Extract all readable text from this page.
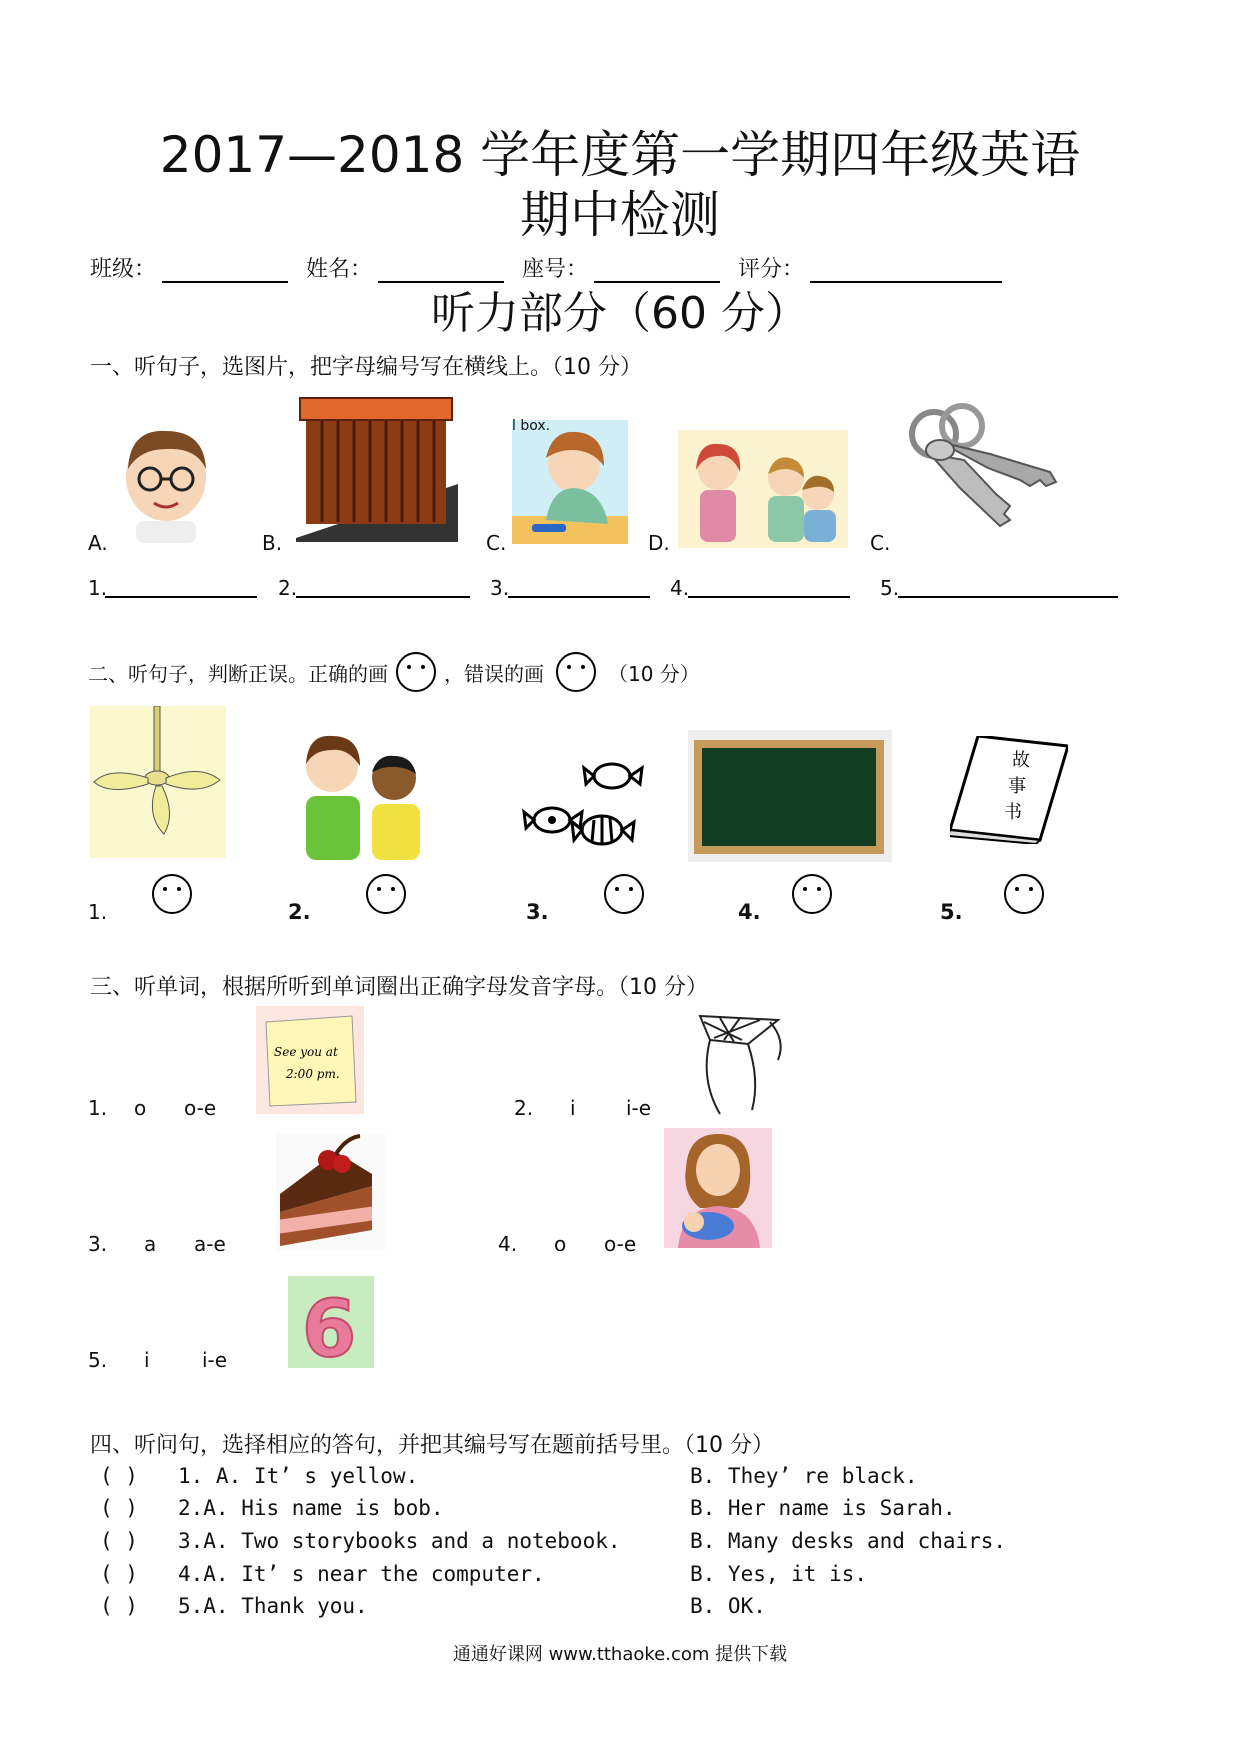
2017—2018 学年度第一学期四年级英语
期中检测
班级：	姓名：	座号：	评分：
听力部分（60 分）
一、听句子，选图片，把字母编号写在横线上。（10 分）
A.	B.
l box.
C.	D.	C.
1.	2.	3.	4.	5.
二、听句子，判断正误。正确的画	，错误的画	（10 分）
故
事
书
1.	2.	3.	4.	5.
三、听单词，根据所听到单词圈出正确字母发音字母。（10 分）
1. o o-e
See you at
2:00 pm.
2. i	i-e
3. a a-e	4. o o-e
5. i	i-e 6
四、听问句，选择相应的答句，并把其编号写在题前括号里。（10 分）
( ) 1. A. It’ s yellow.	B. They’ re black.
( ) 2.A. His name is bob.	B. Her name is Sarah.
( ) 3.A. Two storybooks and a notebook.	B. Many desks and chairs.
( ) 4.A. It’ s near the computer.	B. Yes, it is.
( ) 5.A. Thank you.	B. OK.
通通好课网 www.tthaoke.com 提供下载
